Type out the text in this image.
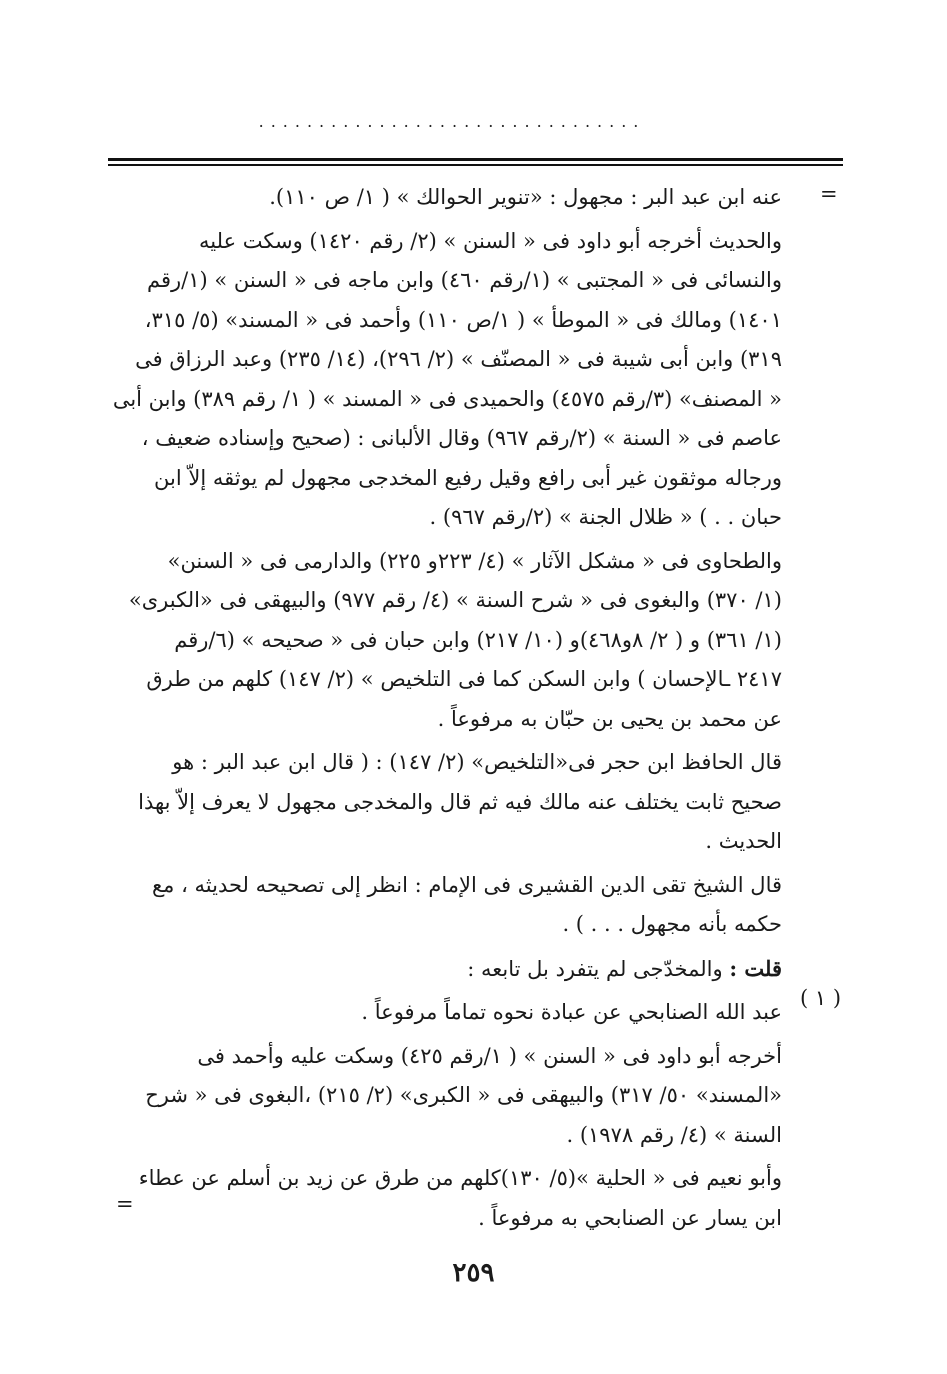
................................
=
( ١ )
=
عنه ابن عبد البر : مجهول : «تنوير الحوالك » ( ١/ ص ١١٠).
والحديث أخرجه أبو داود فى « السنن » (٢/ رقم ١٤٢٠) وسكت عليه
والنسائى فى « المجتبى » (١/رقم ٤٦٠) وابن ماجه فى « السنن » (١/رقم
١٤٠١) ومالك فى « الموطأ » ( ١/ص ١١٠) وأحمد فى « المسند» (٥/ ٣١٥،
٣١٩) وابن أبى شيبة فى « المصنّف » (٢/ ٢٩٦)، (١٤/ ٢٣٥) وعبد الرزاق فى
« المصنف» (٣/رقم ٤٥٧٥) والحميدى فى « المسند » ( ١/ رقم ٣٨٩) وابن أبى
عاصم فى « السنة » (٢/رقم ٩٦٧) وقال الألبانى : (صحيح وإسناده ضعيف ،
ورجاله موثقون غير أبى رافع وقيل رفيع المخدجى مجهول لم يوثقه إلاّ ابن
حبان . . ) « ظلال الجنة » (٢/رقم ٩٦٧) .
والطحاوى فى « مشكل الآثار » (٤/ ٢٢٣و ٢٢٥) والدارمى فى « السنن»
(١/ ٣٧٠) والبغوى فى « شرح السنة » (٤/ رقم ٩٧٧) والبيهقى فى «الكبرى»
(١/ ٣٦١) و ( ٢/ ٨و٤٦٨)و (١٠/ ٢١٧) وابن حبان فى « صحيحه » (٦/رقم
٢٤١٧ ـالإحسان ) وابن السكن كما فى التلخيص » (٢/ ١٤٧) كلهم من طرق
عن محمد بن يحيى بن حبّان به مرفوعاً .
قال الحافظ ابن حجر فى«التلخيص» (٢/ ١٤٧) : ( قال ابن عبد البر : هو
صحيح ثابت يختلف عنه مالك فيه ثم قال والمخدجى مجهول لا يعرف إلاّ بهذا
الحديث .
قال الشيخ تقى الدين القشيرى فى الإمام : انظر إلى تصحيحه لحديثه ، مع
حكمه بأنه مجهول . . . ) .
قلت : والمخدّجى لم يتفرد بل تابعه :
عبد الله الصنابحي عن عبادة نحوه تماماً مرفوعاً .
أخرجه أبو داود فى « السنن » ( ١/رقم ٤٢٥) وسكت عليه وأحمد فى
«المسند» ٥٠/ ٣١٧) والبيهقى فى « الكبرى» (٢/ ٢١٥) ،البغوى فى « شرح
السنة » (٤/ رقم ١٩٧٨) .
وأبو نعيم فى « الحلية »(٥/ ١٣٠)كلهم من طرق عن زيد بن أسلم عن عطاء
ابن يسار عن الصنابحي به مرفوعاً .
٢٥٩
